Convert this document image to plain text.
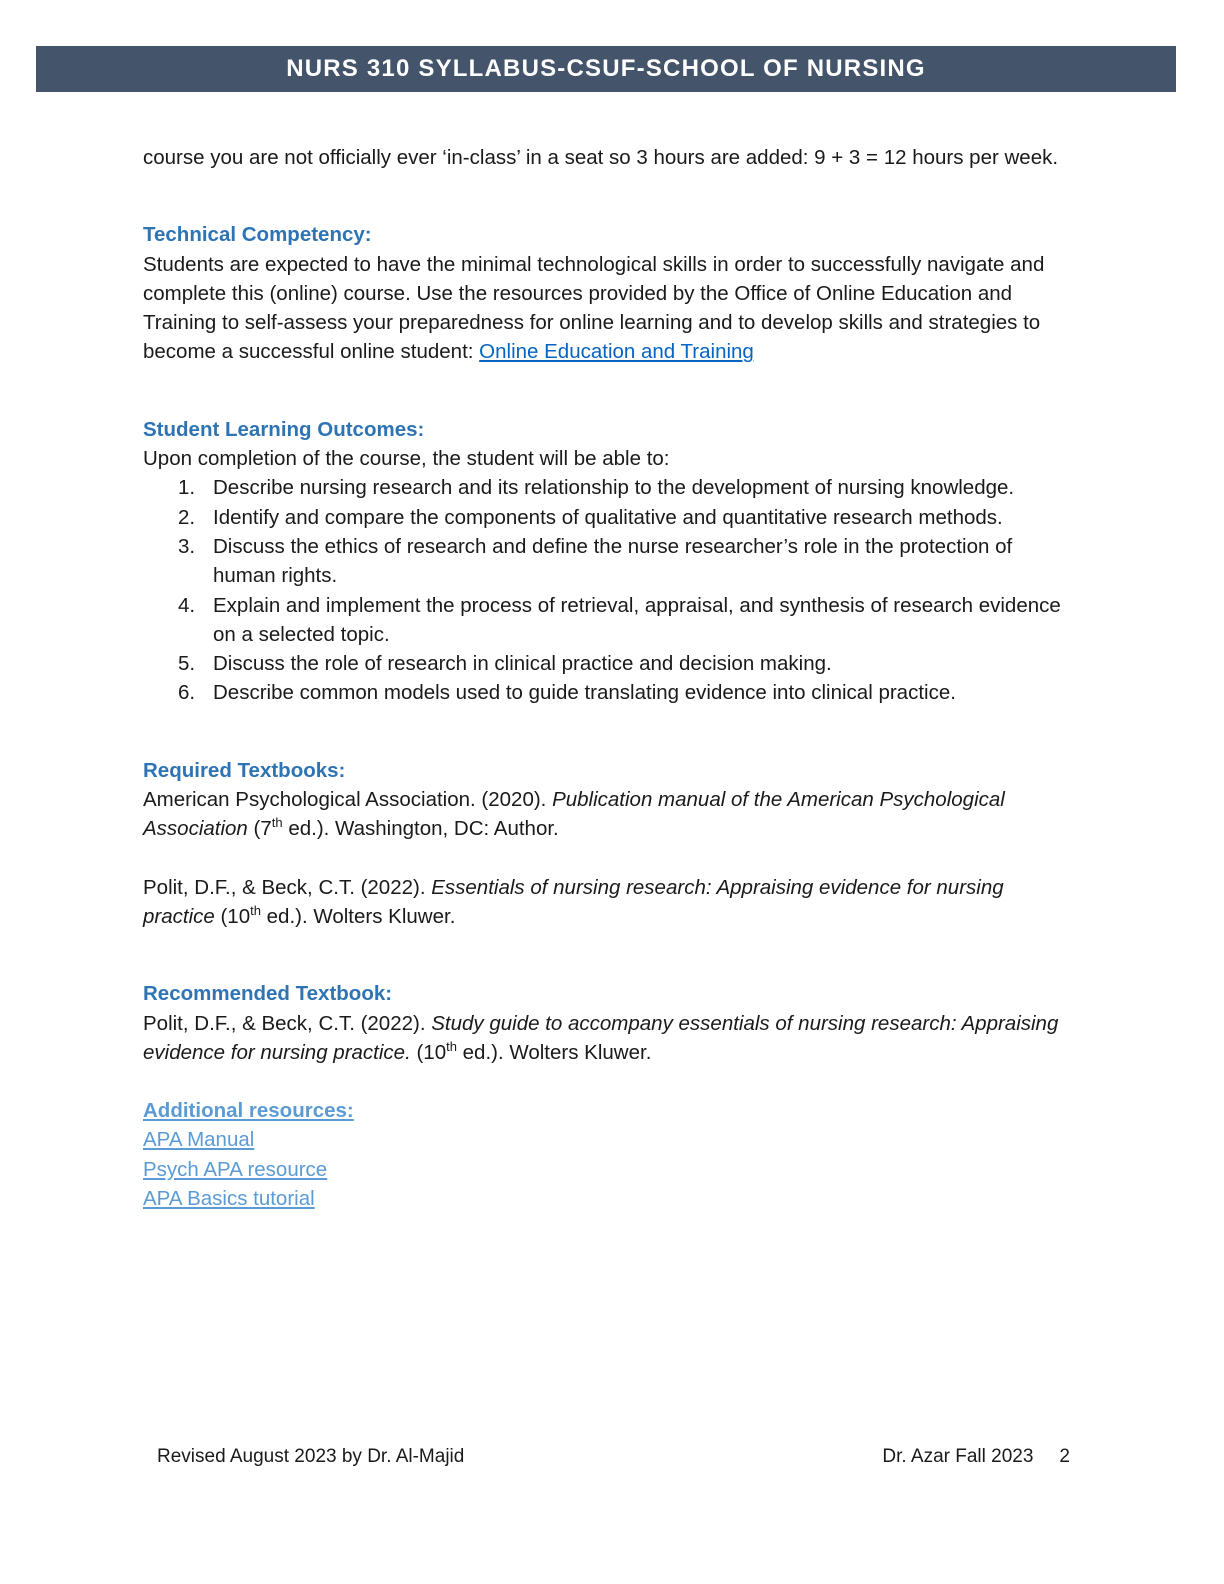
NURS 310 SYLLABUS-CSUF-SCHOOL OF NURSING

course you are not officially ever ‘in-class’ in a seat so 3 hours are added: 9 + 3 = 12 hours per week.

Technical Competency:

Students are expected to have the minimal technological skills in order to successfully navigate and complete this (online) course. Use the resources provided by the Office of Online Education and Training to self-assess your preparedness for online learning and to develop skills and strategies to become a successful online student: Online Education and Training

Student Learning Outcomes:

Upon completion of the course, the student will be able to:

1. Describe nursing research and its relationship to the development of nursing knowledge.
2. Identify and compare the components of qualitative and quantitative research methods.
3. Discuss the ethics of research and define the nurse researcher’s role in the protection of human rights.
4. Explain and implement the process of retrieval, appraisal, and synthesis of research evidence on a selected topic.
5. Discuss the role of research in clinical practice and decision making.
6. Describe common models used to guide translating evidence into clinical practice.

Required Textbooks:

American Psychological Association. (2020). Publication manual of the American Psychological Association (7th ed.). Washington, DC: Author.

Polit, D.F., & Beck, C.T. (2022). Essentials of nursing research: Appraising evidence for nursing practice (10th ed.). Wolters Kluwer.

Recommended Textbook:

Polit, D.F., & Beck, C.T. (2022). Study guide to accompany essentials of nursing research: Appraising evidence for nursing practice. (10th ed.). Wolters Kluwer.

Additional resources:

APA Manual

Psych APA resource

APA Basics tutorial

Revised August 2023 by Dr. Al-Majid	Dr. Azar Fall 2023 2
